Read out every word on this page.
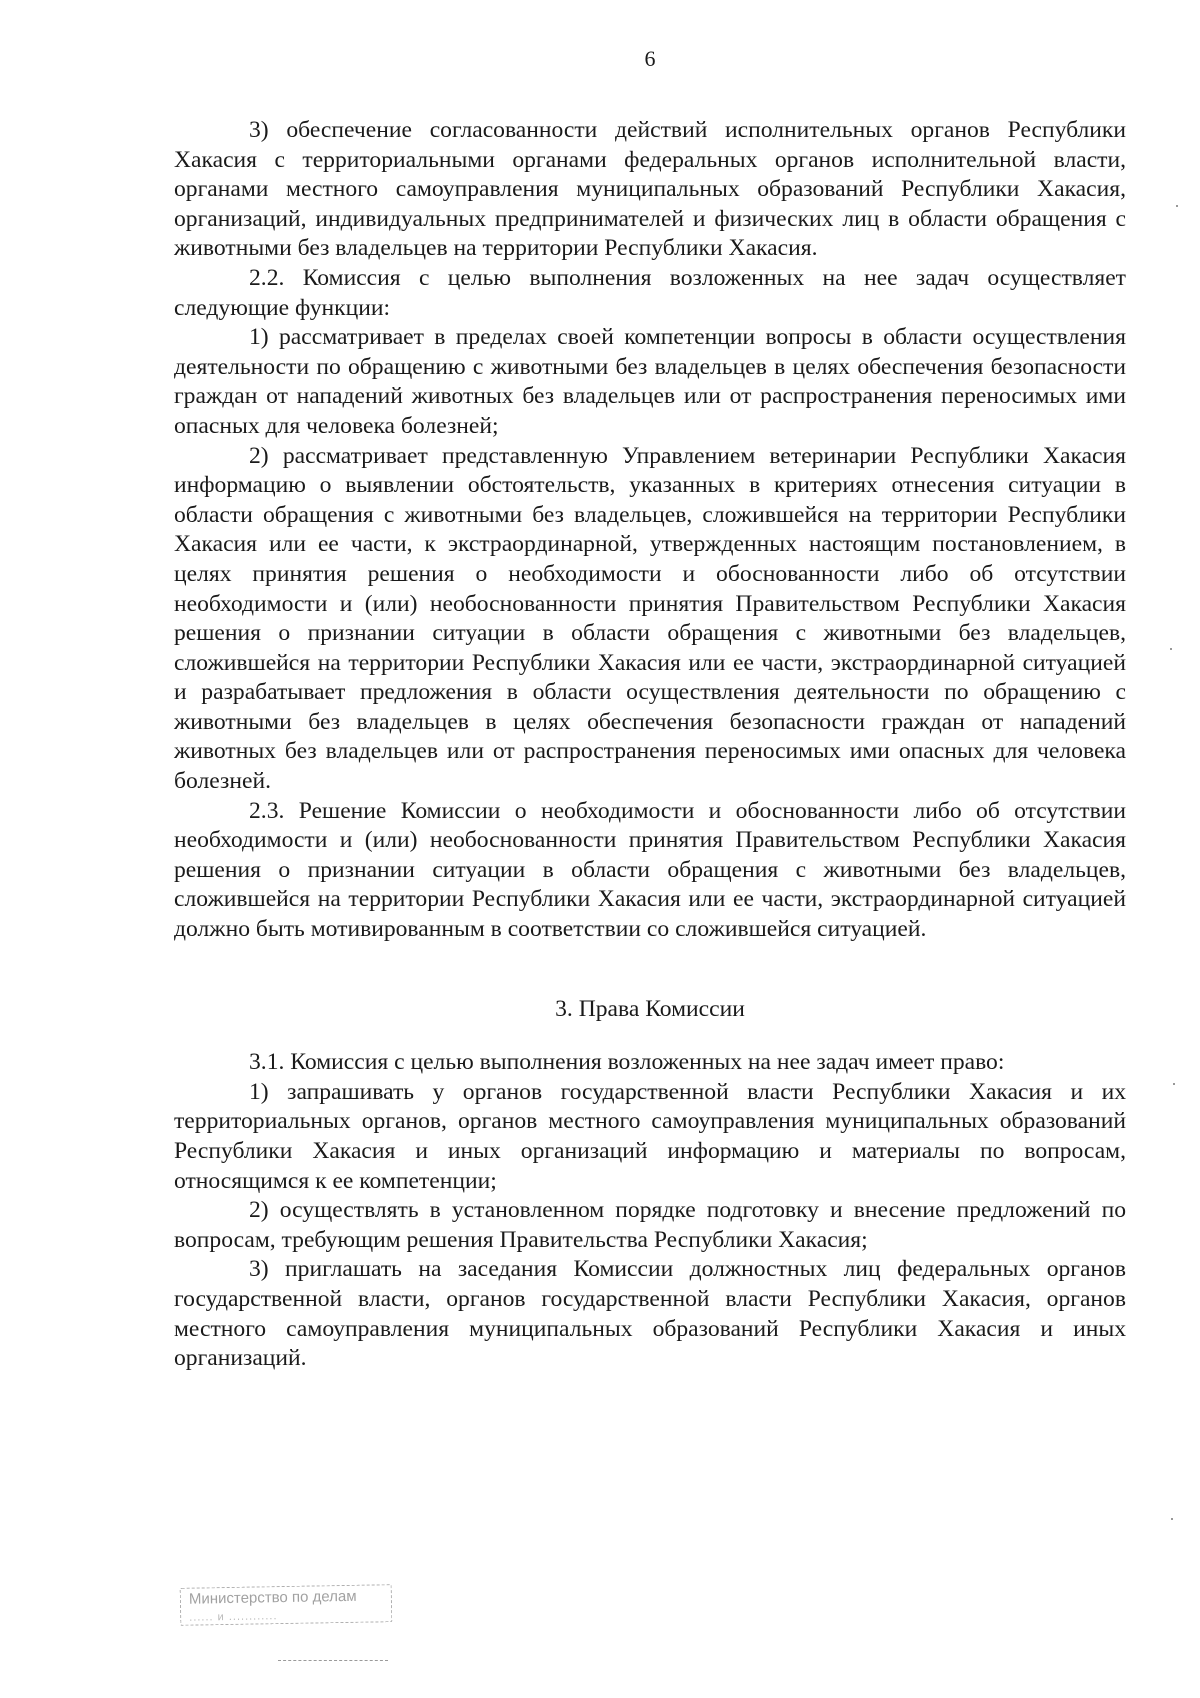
6

3) обеспечение согласованности действий исполнительных органов Республики Хакасия с территориальными органами федеральных органов исполнительной власти, органами местного самоуправления муниципальных образований Республики Хакасия, организаций, индивидуальных предпринимателей и физических лиц в области обращения с животными без владельцев на территории Республики Хакасия.

2.2. Комиссия с целью выполнения возложенных на нее задач осуществляет следующие функции:

1) рассматривает в пределах своей компетенции вопросы в области осуществления деятельности по обращению с животными без владельцев в целях обеспечения безопасности граждан от нападений животных без владельцев или от распространения переносимых ими опасных для человека болезней;

2) рассматривает представленную Управлением ветеринарии Республики Хакасия информацию о выявлении обстоятельств, указанных в критериях отнесения ситуации в области обращения с животными без владельцев, сложившейся на территории Республики Хакасия или ее части, к экстраординарной, утвержденных настоящим постановлением, в целях принятия решения о необходимости и обоснованности либо об отсутствии необходимости и (или) необоснованности принятия Правительством Республики Хакасия решения о признании ситуации в области обращения с животными без владельцев, сложившейся на территории Республики Хакасия или ее части, экстраординарной ситуацией и разрабатывает предложения в области осуществления деятельности по обращению с животными без владельцев в целях обеспечения безопасности граждан от нападений животных без владельцев или от распространения переносимых ими опасных для человека болезней.

2.3. Решение Комиссии о необходимости и обоснованности либо об отсутствии необходимости и (или) необоснованности принятия Правительством Республики Хакасия решения о признании ситуации в области обращения с животными без владельцев, сложившейся на территории Республики Хакасия или ее части, экстраординарной ситуацией должно быть мотивированным в соответствии со сложившейся ситуацией.

3. Права Комиссии

3.1. Комиссия с целью выполнения возложенных на нее задач имеет право:

1) запрашивать у органов государственной власти Республики Хакасия и их территориальных органов, органов местного самоуправления муниципальных образований Республики Хакасия и иных организаций информацию и материалы по вопросам, относящимся к ее компетенции;

2) осуществлять в установленном порядке подготовку и внесение предложений по вопросам, требующим решения Правительства Республики Хакасия;

3) приглашать на заседания Комиссии должностных лиц федеральных органов государственной власти, органов государственной власти Республики Хакасия, органов местного самоуправления муниципальных образований Республики Хакасия и иных организаций.

Министерство по делам
...... и ............
